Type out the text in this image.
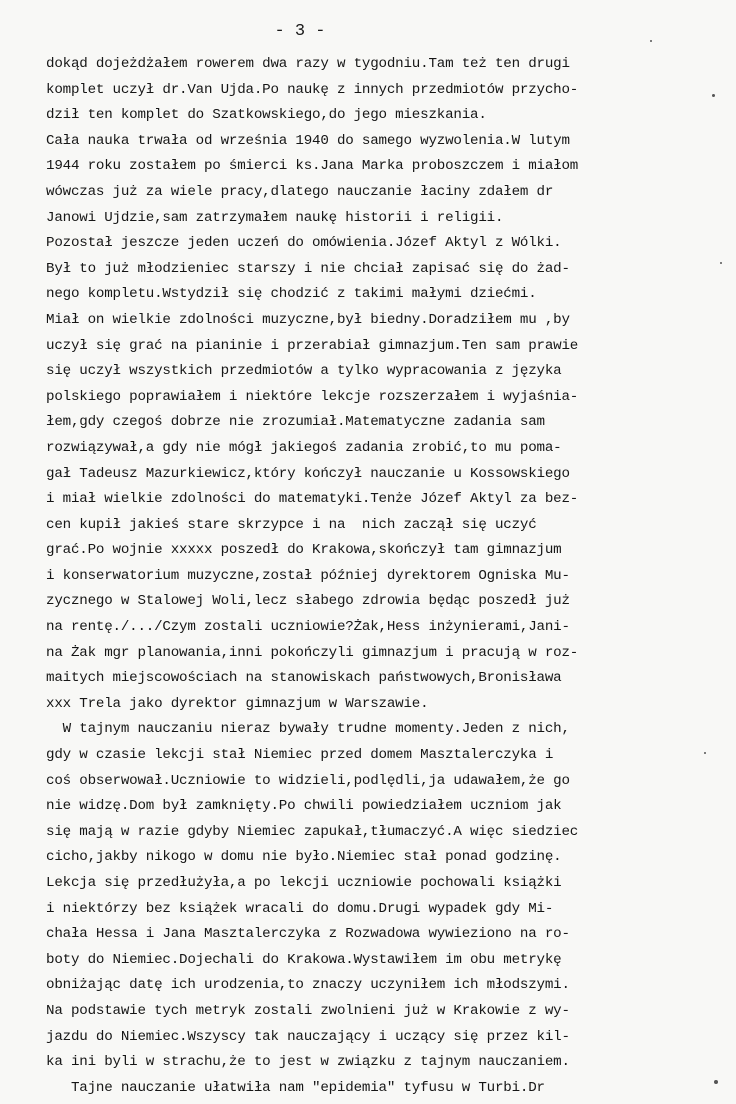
- 3 -
dokąd dojeżdżałem rowerem dwa razy w tygodniu.Tam też ten drugi
komplet uczył dr.Van Ujda.Po naukę z innych przedmiotów przycho-
dził ten komplet do Szatkowskiego,do jego mieszkania.
Cała nauka trwała od września 1940 do samego wyzwolenia.W lutym
1944 roku zostałem po śmierci ks.Jana Marka proboszczem i miałom
wówczas już za wiele pracy,dlatego nauczanie łaciny zdałem dr
Janowi Ujdzie,sam zatrzymałem naukę historii i religii.
Pozostał jeszcze jeden uczeń do omówienia.Józef Aktyl z Wólki.
Był to już młodzieniec starszy i nie chciał zapisać się do żad-
nego kompletu.Wstydził się chodzić z takimi małymi dziećmi.
Miał on wielkie zdolności muzyczne,był biedny.Doradziłem mu ,by
uczył się grać na pianinie i przerabiał gimnazjum.Ten sam prawie
się uczył wszystkich przedmiotów a tylko wypracowania z języka
polskiego poprawiałem i niektóre lekcje rozszerzałem i wyjaśnia-
łem,gdy czegoś dobrze nie zrozumiał.Matematyczne zadania sam
rozwiązywał,a gdy nie mógł jakiegoś zadania zrobić,to mu poma-
gał Tadeusz Mazurkiewicz,który kończył nauczanie u Kossowskiego
i miał wielkie zdolności do matematyki.Tenże Józef Aktyl za bez-
cen kupił jakieś stare skrzypce i na  nich zaczął się uczyć
grać.Po wojnie xxxxx poszedł do Krakowa,skończył tam gimnazjum
i konserwatorium muzyczne,został później dyrektorem Ogniska Mu-
zycznego w Stalowej Woli,lecz słabego zdrowia będąc poszedł już
na rentę./.../Czym zostali uczniowie?Żak,Hess inżynierami,Jani-
na Żak mgr planowania,inni pokończyli gimnazjum i pracują w roz-
maitych miejscowościach na stanowiskach państwowych,Bronisława
xxx Trela jako dyrektor gimnazjum w Warszawie.
W tajnym nauczaniu nieraz bywały trudne momenty.Jeden z nich,
gdy w czasie lekcji stał Niemiec przed domem Masztalerczyka i
coś obserwował.Uczniowie to widzieli,podlędli,ja udawałem,że go
nie widzę.Dom był zamknięty.Po chwili powiedziałem uczniom jak
się mają w razie gdyby Niemiec zapukał,tłumaczyć.A więc siedziec
cicho,jakby nikogo w domu nie było.Niemiec stał ponad godzinę.
Lekcja się przedłużyła,a po lekcji uczniowie pochowali książki
i niektórzy bez książek wracali do domu.Drugi wypadek gdy Mi-
chała Hessa i Jana Masztalerczyka z Rozwadowa wywieziono na ro-
boty do Niemiec.Dojechali do Krakowa.Wystawiłem im obu metrykę
obniżając datę ich urodzenia,to znaczy uczyniłem ich młodszymi.
Na podstawie tych metryk zostali zwolnieni już w Krakowie z wy-
jazdu do Niemiec.Wszyscy tak nauczający i uczący się przez kil-
ka ini byli w strachu,że to jest w związku z tajnym nauczaniem.
Tajne nauczanie ułatwiła nam "epidemia" tyfusu w Turbi.Dr
